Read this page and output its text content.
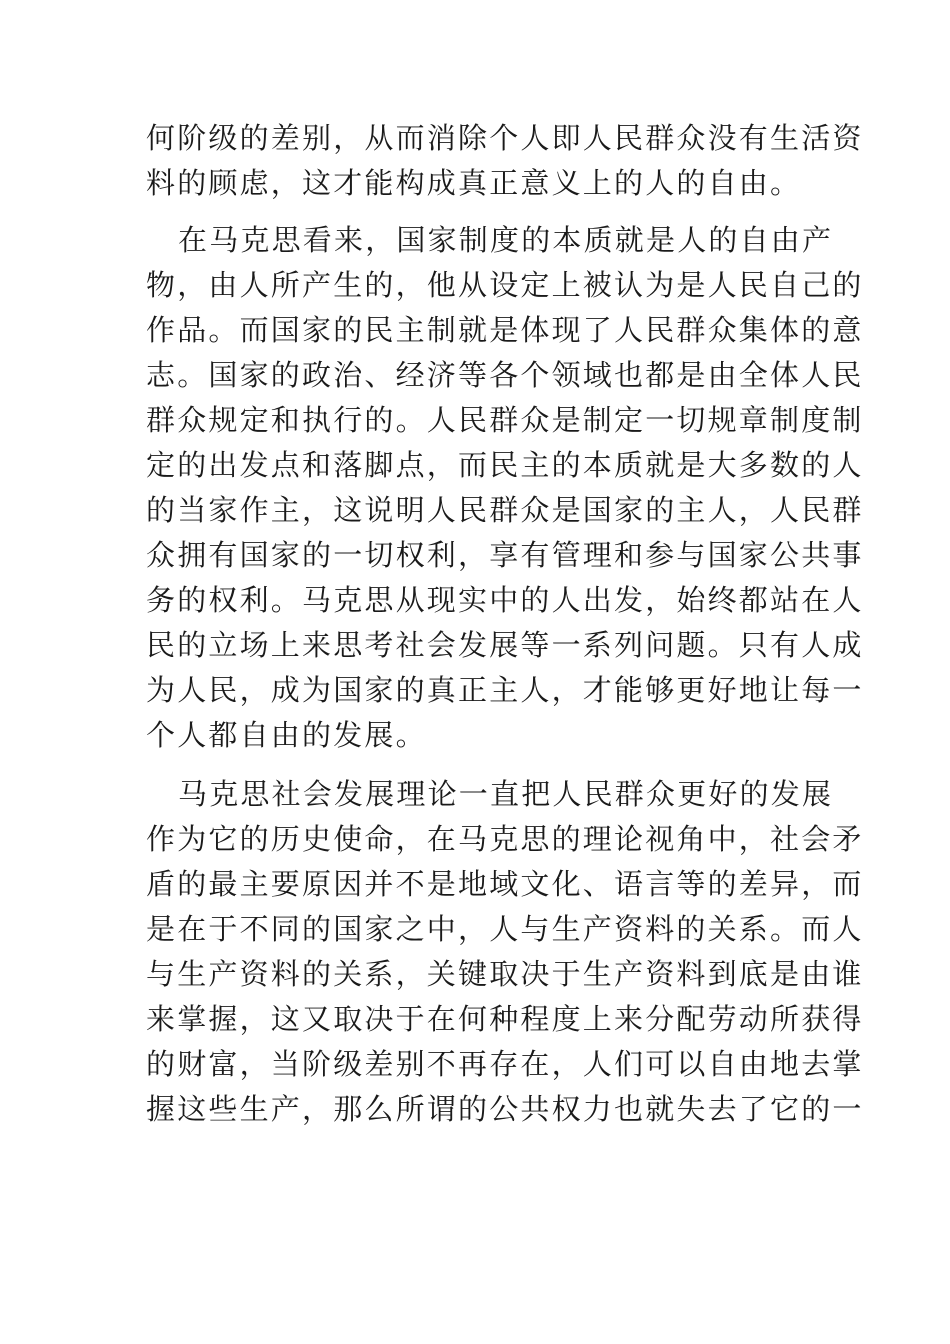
何阶级的差别，从而消除个人即人民群众没有生活资
料的顾虑，这才能构成真正意义上的人的自由。
在马克思看来，国家制度的本质就是人的自由产
物，由人所产生的，他从设定上被认为是人民自己的
作品。而国家的民主制就是体现了人民群众集体的意
志。国家的政治、经济等各个领域也都是由全体人民
群众规定和执行的。人民群众是制定一切规章制度制
定的出发点和落脚点，而民主的本质就是大多数的人
的当家作主，这说明人民群众是国家的主人，人民群
众拥有国家的一切权利，享有管理和参与国家公共事
务的权利。马克思从现实中的人出发，始终都站在人
民的立场上来思考社会发展等一系列问题。只有人成
为人民，成为国家的真正主人，才能够更好地让每一
个人都自由的发展。
马克思社会发展理论一直把人民群众更好的发展
作为它的历史使命，在马克思的理论视角中，社会矛
盾的最主要原因并不是地域文化、语言等的差异，而
是在于不同的国家之中，人与生产资料的关系。而人
与生产资料的关系，关键取决于生产资料到底是由谁
来掌握，这又取决于在何种程度上来分配劳动所获得
的财富，当阶级差别不再存在，人们可以自由地去掌
握这些生产，那么所谓的公共权力也就失去了它的一
